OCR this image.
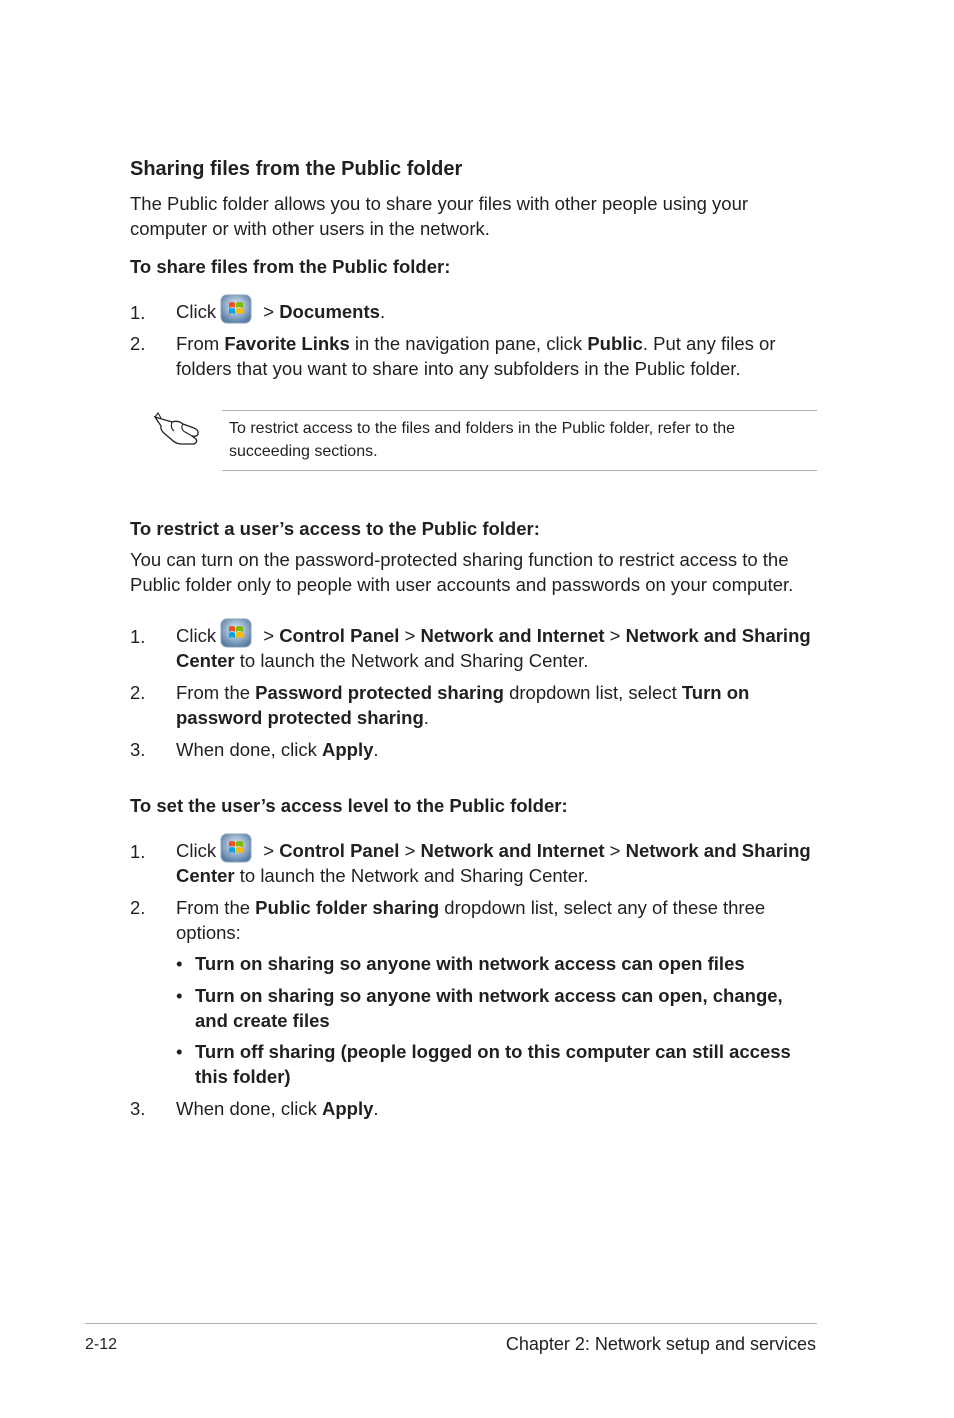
Sharing files from the Public folder
The Public folder allows you to share your files with other people using your computer or with other users in the network.
To share files from the Public folder:
1. Click > Documents.
2. From Favorite Links in the navigation pane, click Public. Put any files or folders that you want to share into any subfolders in the Public folder.
To restrict access to the files and folders in the Public folder, refer to the succeeding sections.
To restrict a user’s access to the Public folder:
You can turn on the password-protected sharing function to restrict access to the Public folder only to people with user accounts and passwords on your computer.
1. Click > Control Panel > Network and Internet > Network and Sharing Center to launch the Network and Sharing Center.
2. From the Password protected sharing dropdown list, select Turn on password protected sharing.
3. When done, click Apply.
To set the user’s access level to the Public folder:
1. Click > Control Panel > Network and Internet > Network and Sharing Center to launch the Network and Sharing Center.
2. From the Public folder sharing dropdown list, select any of these three options:
• Turn on sharing so anyone with network access can open files
• Turn on sharing so anyone with network access can open, change, and create files
• Turn off sharing (people logged on to this computer can still access this folder)
3. When done, click Apply.
2-12	Chapter 2: Network setup and services
